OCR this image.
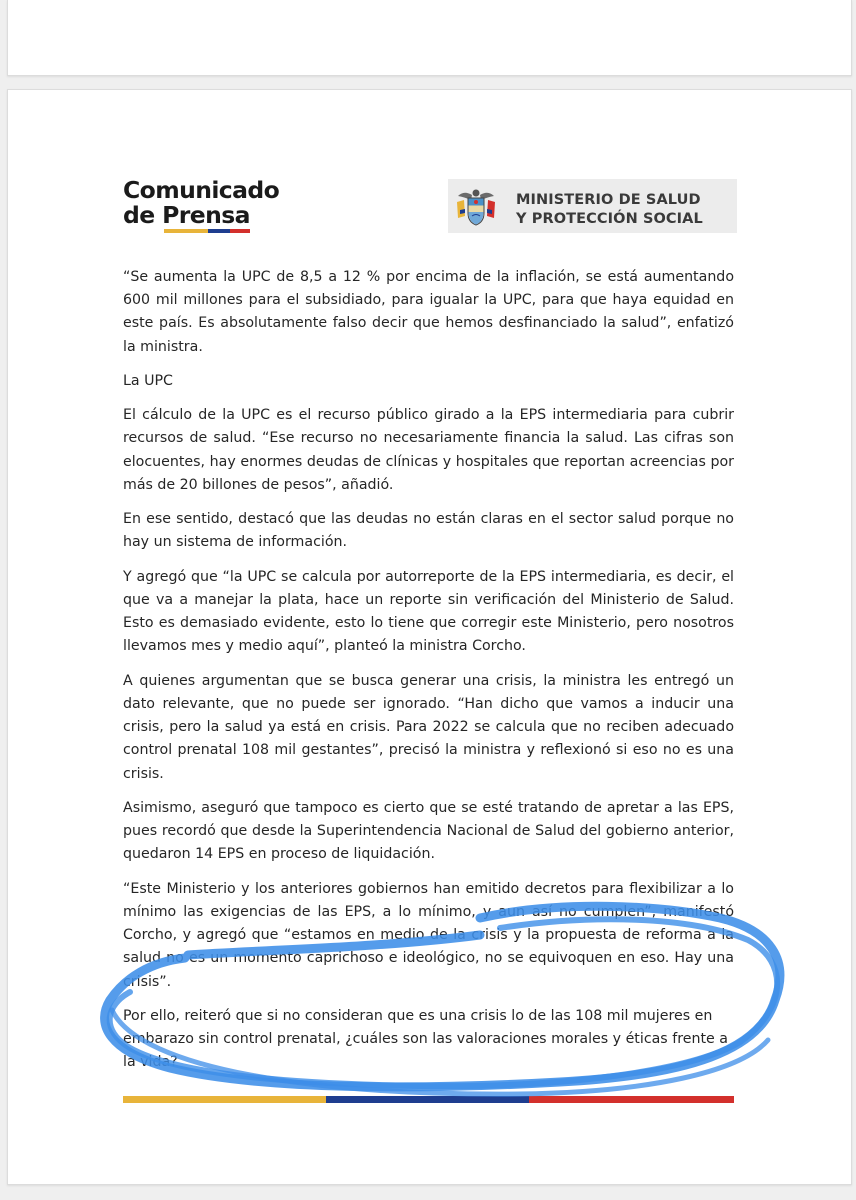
Comunicado
de Prensa
MINISTERIO DE SALUD
Y PROTECCIÓN SOCIAL

“Se aumenta la UPC de 8,5 a 12 % por encima de la inflación, se está aumentando 600 mil millones para el subsidiado, para igualar la UPC, para que haya equidad en este país. Es absolutamente falso decir que hemos desfinanciado la salud”, enfatizó la ministra.

La UPC

El cálculo de la UPC es el recurso público girado a la EPS intermediaria para cubrir recursos de salud. “Ese recurso no necesariamente financia la salud. Las cifras son elocuentes, hay enormes deudas de clínicas y hospitales que reportan acreencias por más de 20 billones de pesos”, añadió.

En ese sentido, destacó que las deudas no están claras en el sector salud porque no hay un sistema de información.

Y agregó que “la UPC se calcula por autorreporte de la EPS intermediaria, es decir, el que va a manejar la plata, hace un reporte sin verificación del Ministerio de Salud. Esto es demasiado evidente, esto lo tiene que corregir este Ministerio, pero nosotros llevamos mes y medio aquí”, planteó la ministra Corcho.

A quienes argumentan que se busca generar una crisis, la ministra les entregó un dato relevante, que no puede ser ignorado. “Han dicho que vamos a inducir una crisis, pero la salud ya está en crisis. Para 2022 se calcula que no reciben adecuado control prenatal 108 mil gestantes”, precisó la ministra y reflexionó si eso no es una crisis.

Asimismo, aseguró que tampoco es cierto que se esté tratando de apretar a las EPS, pues recordó que desde la Superintendencia Nacional de Salud del gobierno anterior, quedaron 14 EPS en proceso de liquidación.

“Este Ministerio y los anteriores gobiernos han emitido decretos para flexibilizar a lo mínimo las exigencias de las EPS, a lo mínimo, y aun así no cumplen”, manifestó Corcho, y agregó que “estamos en medio de la crisis y la propuesta de reforma a la salud no es un momento caprichoso e ideológico, no se equivoquen en eso. Hay una crisis”.

Por ello, reiteró que si no consideran que es una crisis lo de las 108 mil mujeres en embarazo sin control prenatal, ¿cuáles son las valoraciones morales y éticas frente a la vida?
